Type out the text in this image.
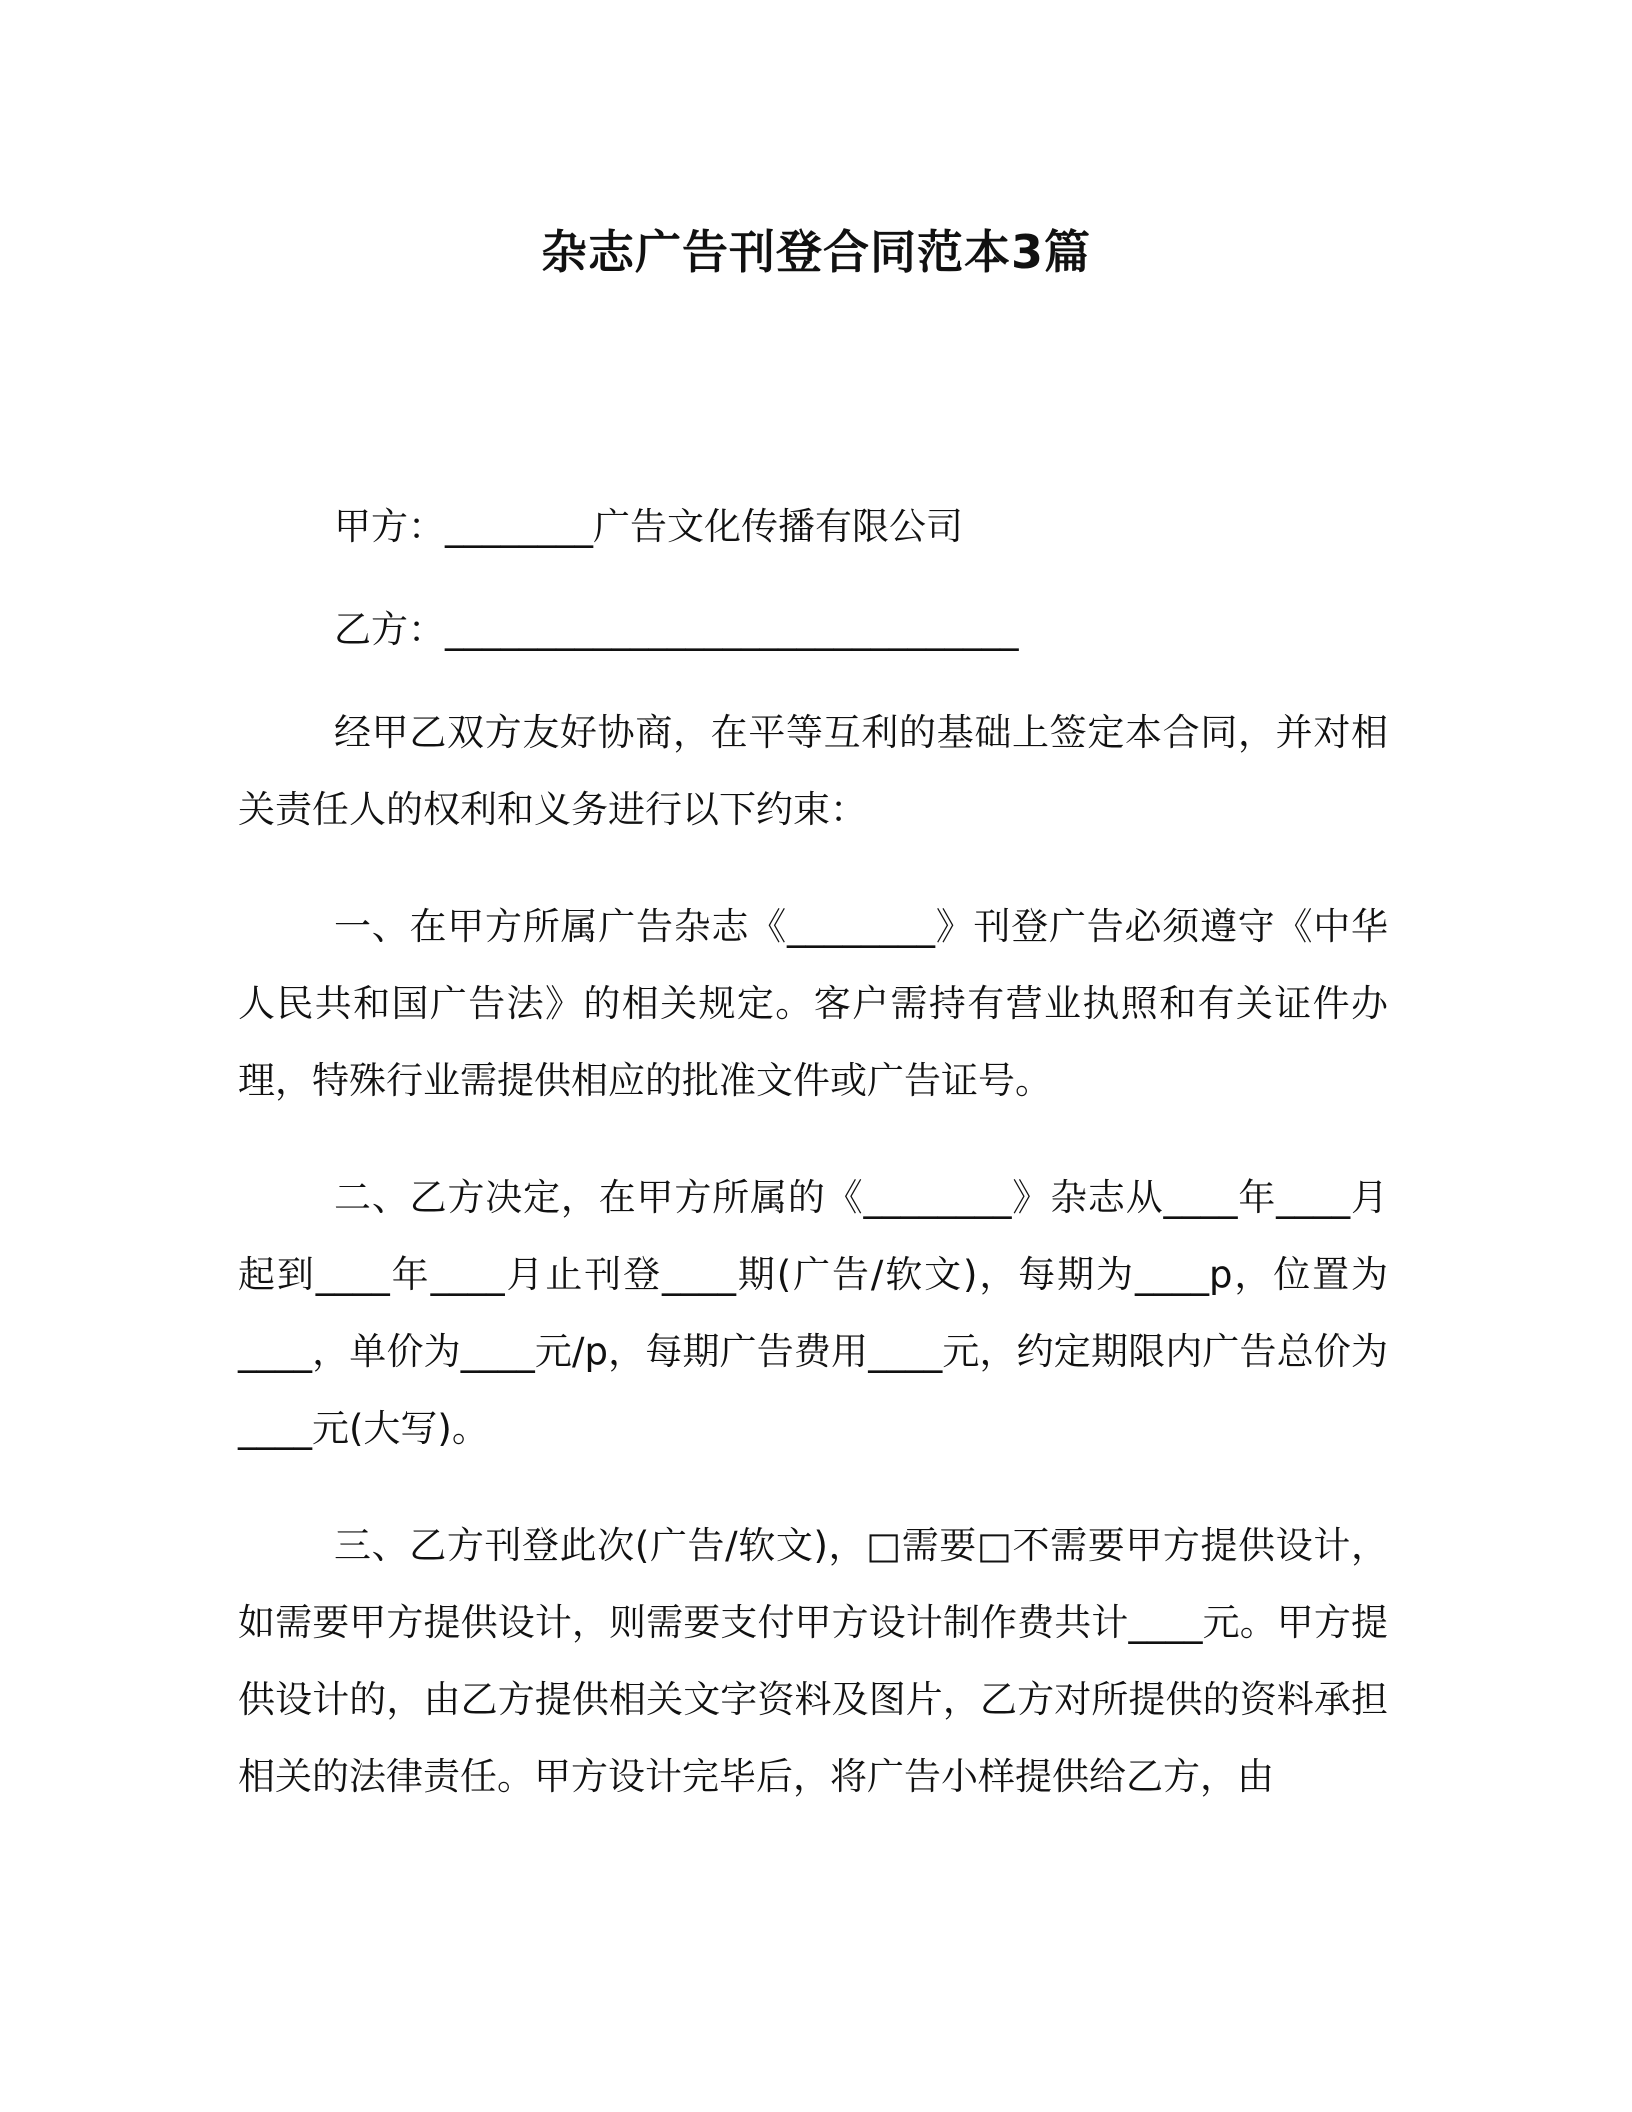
杂志广告刊登合同范本3篇

甲方：________广告文化传播有限公司

乙方：_______________________________

经甲乙双方友好协商，在平等互利的基础上签定本合同，并对相关责任人的权利和义务进行以下约束：

一、在甲方所属广告杂志《________》刊登广告必须遵守《中华人民共和国广告法》的相关规定。客户需持有营业执照和有关证件办理，特殊行业需提供相应的批准文件或广告证号。

二、乙方决定，在甲方所属的《________》杂志从____年____月起到____年____月止刊登____期(广告/软文)，每期为____p，位置为____，单价为____元/p，每期广告费用____元，约定期限内广告总价为____元(大写)。

三、乙方刊登此次(广告/软文)，□需要□不需要甲方提供设计，如需要甲方提供设计，则需要支付甲方设计制作费共计____元。甲方提供设计的，由乙方提供相关文字资料及图片，乙方对所提供的资料承担相关的法律责任。甲方设计完毕后，将广告小样提供给乙方，由
